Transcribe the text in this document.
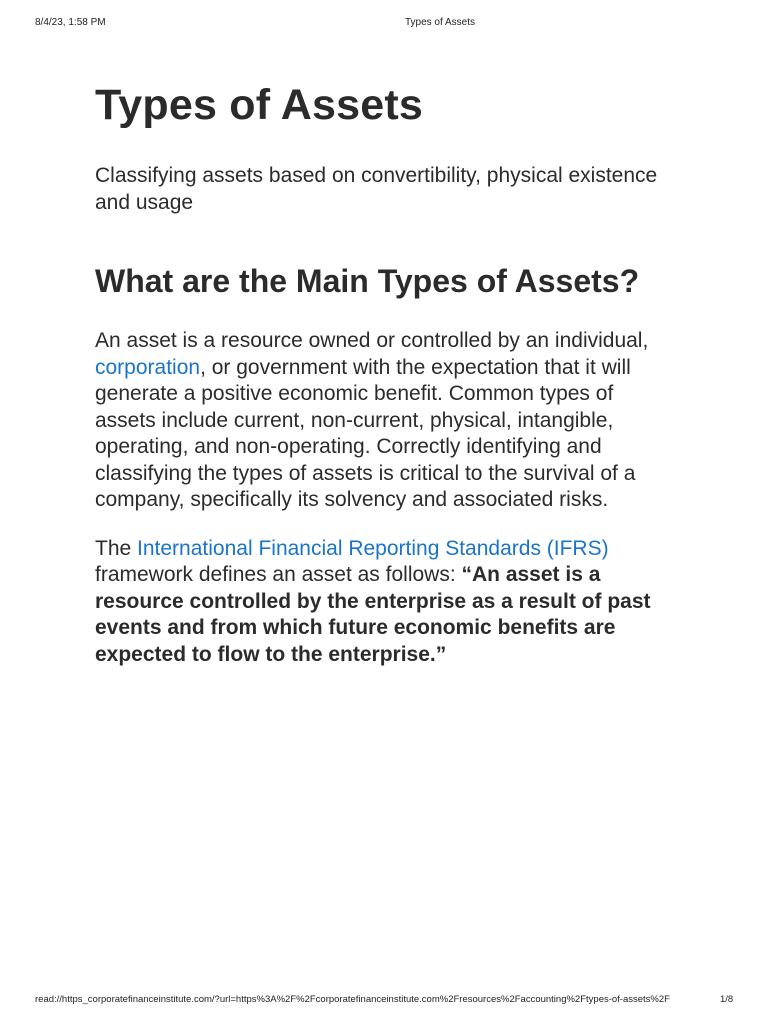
8/4/23, 1:58 PM	Types of Assets
Types of Assets
Classifying assets based on convertibility, physical existence and usage
What are the Main Types of Assets?

An asset is a resource owned or controlled by an individual, corporation, or government with the expectation that it will generate a positive economic benefit. Common types of assets include current, non-current, physical, intangible, operating, and non-operating. Correctly identifying and classifying the types of assets is critical to the survival of a company, specifically its solvency and associated risks.

The International Financial Reporting Standards (IFRS) framework defines an asset as follows: “An asset is a resource controlled by the enterprise as a result of past events and from which future economic benefits are expected to flow to the enterprise.”

read://https_corporatefinanceinstitute.com/?url=https%3A%2F%2Fcorporatefinanceinstitute.com%2Fresources%2Faccounting%2Ftypes-of-assets%2F	1/8
